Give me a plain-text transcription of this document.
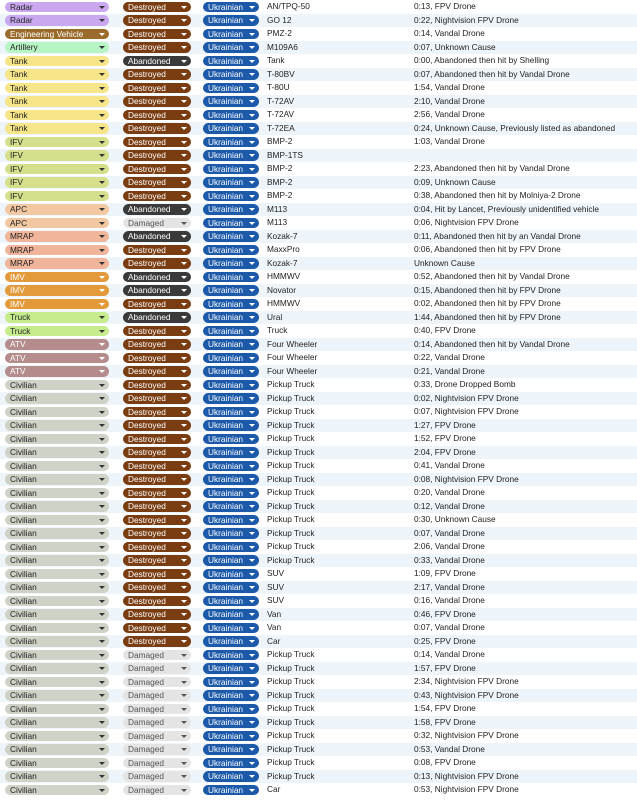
Radar	Destroyed	Ukrainian	AN/TPQ-50	0:13, FPV Drone
Radar	Destroyed	Ukrainian	GO 12	0:22, Nightvision FPV Drone
Engineering Vehicle	Destroyed	Ukrainian	PMZ-2	0:14, Vandal Drone
Artillery	Destroyed	Ukrainian	M109A6	0:07, Unknown Cause
Tank	Abandoned	Ukrainian	Tank	0:00, Abandoned then hit by Shelling
Tank	Destroyed	Ukrainian	T-80BV	0:07, Abandoned then hit by Vandal Drone
Tank	Destroyed	Ukrainian	T-80U	1:54, Vandal Drone
Tank	Destroyed	Ukrainian	T-72AV	2:10, Vandal Drone
Tank	Destroyed	Ukrainian	T-72AV	2:56, Vandal Drone
Tank	Destroyed	Ukrainian	T-72EA	0:24, Unknown Cause, Previously listed as abandoned
IFV	Destroyed	Ukrainian	BMP-2	1:03, Vandal Drone
IFV	Destroyed	Ukrainian	BMP-1TS
IFV	Destroyed	Ukrainian	BMP-2	2:23, Abandoned then hit by Vandal Drone
IFV	Destroyed	Ukrainian	BMP-2	0:09, Unknown Cause
IFV	Destroyed	Ukrainian	BMP-2	0:38, Abandoned then hit by Molniya-2 Drone
APC	Abandoned	Ukrainian	M113	0:04, Hit by Lancet, Previously unidentified vehicle
APC	Damaged	Ukrainian	M113	0:06, Nightvision FPV Drone
MRAP	Abandoned	Ukrainian	Kozak-7	0:11, Abandoned then hit by an Vandal Drone
MRAP	Destroyed	Ukrainian	MaxxPro	0:06, Abandoned then hit by FPV Drone
MRAP	Destroyed	Ukrainian	Kozak-7	Unknown Cause
IMV	Abandoned	Ukrainian	HMMWV	0:52, Abandoned then hit by Vandal Drone
IMV	Abandoned	Ukrainian	Novator	0:15, Abandoned then hit by FPV Drone
IMV	Destroyed	Ukrainian	HMMWV	0:02, Abandoned then hit by FPV Drone
Truck	Abandoned	Ukrainian	Ural	1:44, Abandoned then hit by FPV Drone
Truck	Destroyed	Ukrainian	Truck	0:40, FPV Drone
ATV	Destroyed	Ukrainian	Four Wheeler	0:14, Abandoned then hit by Vandal Drone
ATV	Destroyed	Ukrainian	Four Wheeler	0:22, Vandal Drone
ATV	Destroyed	Ukrainian	Four Wheeler	0:21, Vandal Drone
Civilian	Destroyed	Ukrainian	Pickup Truck	0:33, Drone Dropped Bomb
Civilian	Destroyed	Ukrainian	Pickup Truck	0:02, Nightvision FPV Drone
Civilian	Destroyed	Ukrainian	Pickup Truck	0:07, Nightvision FPV Drone
Civilian	Destroyed	Ukrainian	Pickup Truck	1:27, FPV Drone
Civilian	Destroyed	Ukrainian	Pickup Truck	1:52, FPV Drone
Civilian	Destroyed	Ukrainian	Pickup Truck	2:04, FPV Drone
Civilian	Destroyed	Ukrainian	Pickup Truck	0:41, Vandal Drone
Civilian	Destroyed	Ukrainian	Pickup Truck	0:08, Nightvision FPV Drone
Civilian	Destroyed	Ukrainian	Pickup Truck	0:20, Vandal Drone
Civilian	Destroyed	Ukrainian	Pickup Truck	0:12, Vandal Drone
Civilian	Destroyed	Ukrainian	Pickup Truck	0:30, Unknown Cause
Civilian	Destroyed	Ukrainian	Pickup Truck	0:07, Vandal Drone
Civilian	Destroyed	Ukrainian	Pickup Truck	2:06, Vandal Drone
Civilian	Destroyed	Ukrainian	Pickup Truck	0:33, Vandal Drone
Civilian	Destroyed	Ukrainian	SUV	1:09, FPV Drone
Civilian	Destroyed	Ukrainian	SUV	2:17, Vandal Drone
Civilian	Destroyed	Ukrainian	SUV	0:16, Vandal Drone
Civilian	Destroyed	Ukrainian	Van	0:46, FPV Drone
Civilian	Destroyed	Ukrainian	Van	0:07, Vandal Drone
Civilian	Destroyed	Ukrainian	Car	0:25, FPV Drone
Civilian	Damaged	Ukrainian	Pickup Truck	0:14, Vandal Drone
Civilian	Damaged	Ukrainian	Pickup Truck	1:57, FPV Drone
Civilian	Damaged	Ukrainian	Pickup Truck	2:34, Nightvision FPV Drone
Civilian	Damaged	Ukrainian	Pickup Truck	0:43, Nightvision FPV Drone
Civilian	Damaged	Ukrainian	Pickup Truck	1:54, FPV Drone
Civilian	Damaged	Ukrainian	Pickup Truck	1:58, FPV Drone
Civilian	Damaged	Ukrainian	Pickup Truck	0:32, Nightvision FPV Drone
Civilian	Damaged	Ukrainian	Pickup Truck	0:53, Vandal Drone
Civilian	Damaged	Ukrainian	Pickup Truck	0:08, FPV Drone
Civilian	Damaged	Ukrainian	Pickup Truck	0:13, Nightvision FPV Drone
Civilian	Damaged	Ukrainian	Car	0:53, Nightvision FPV Drone
